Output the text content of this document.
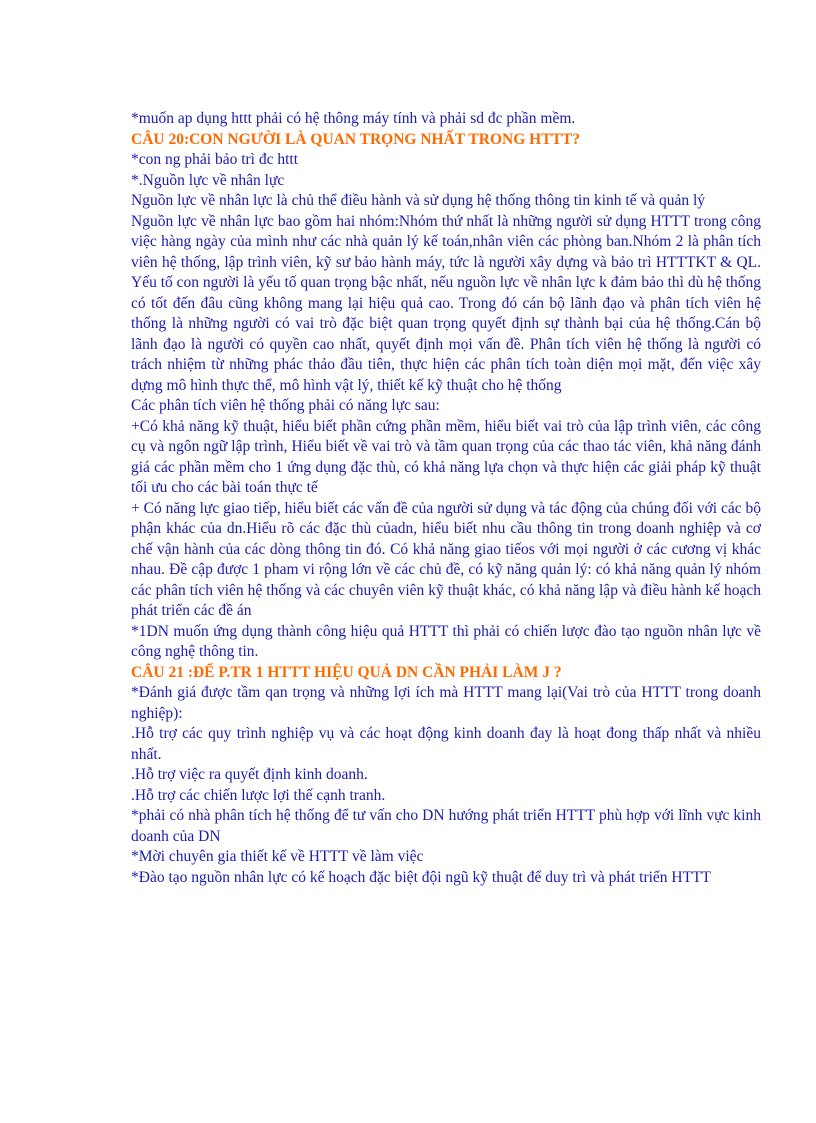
*muốn ap dụng httt phải có hệ thông máy tính và phải sd đc phần mềm.

CÂU 20:CON NGƯỜI LÀ QUAN TRỌNG NHẤT TRONG HTTT?

*con ng phải bảo trì đc httt

*.Nguồn lực về nhân lực

Nguồn lực về nhân lực là chủ thể điều hành và sử dụng hệ thống thông tin kinh tế và quản lý

Nguồn lực về nhân lực bao gồm hai nhóm:Nhóm thứ nhất là những người sử dụng HTTT trong công việc hàng ngày của mình như các nhà quản lý kế toán,nhân viên các phòng ban.Nhóm 2 là phân tích viên hệ thống, lập trình viên, kỹ sư bảo hành máy, tức là người xây dựng và bảo trì HTTTKT & QL. Yếu tố con người là yếu tố quan trọng bậc nhất, nếu nguồn lực về nhân lực k đảm bảo thì dù hệ thống có tốt đến đâu cũng không mang lại hiệu quả cao. Trong đó cán bộ lãnh đạo và phân tích viên hệ thống là những người có vai trò đặc biệt quan trọng quyết định sự thành bại của hệ thống.Cán bộ lãnh đạo là người có quyền cao nhất, quyết định mọi vấn đề. Phân tích viên hệ thống là người có trách nhiệm từ những phác thảo đầu tiên, thực hiện các phân tích toàn diện mọi mặt, đến việc xây dựng mô hình thực thể, mô hình vật lý, thiết kế kỹ thuật cho hệ thống

Các phân tích viên hệ thống phải có năng lực sau:

+Có khả năng kỹ thuật, hiểu biết phần cứng phần mềm, hiểu biết vai trò của lập trình viên, các công cụ và ngôn ngữ lập trình, Hiểu biết về vai trò và tầm quan trọng của các thao tác viên, khả năng đánh giá các phần mềm cho 1 ứng dụng đặc thù, có khả năng lựa chọn và thực hiện các giải pháp kỹ thuật tối ưu cho các bài toán thực tế

+ Có năng lực giao tiếp, hiểu biết các vấn đề của người sử dụng và tác động của chúng đối với các bộ phận khác của dn.Hiểu rõ các đặc thù củadn, hiểu biết nhu cầu thông tin trong doanh nghiệp và cơ chế vận hành của các dòng thông tin đó. Có khả năng giao tiếos với mọi người ở các cương vị khác nhau. Đề cập được 1 pham vi rộng lớn về các chủ đề, có kỹ năng quản lý: có khả năng quản lý nhóm các phân tích viên hệ thống và các chuyên viên kỹ thuật khác, có khả năng lập và điều hành kế hoạch phát triển các đề án

*1DN muốn ứng dụng thành công hiệu quả HTTT thì phải có chiến lược đào tạo nguồn nhân lực về công nghệ thông tin.

CÂU 21 :ĐỂ P.TR 1 HTTT HIỆU QUẢ DN CẦN PHẢI LÀM J ?

*Đánh giá được tầm qan trọng và những lợi ích mà HTTT mang lại(Vai trò của HTTT trong doanh nghiệp):

.Hỗ trợ các quy trình nghiệp vụ và các hoạt động kinh doanh đay là hoạt đong thấp nhất và nhiều nhất.

.Hỗ trợ việc ra quyết định kinh doanh.

.Hỗ trợ các chiến lược lợi thế cạnh tranh.

*phải có nhà phân tích hệ thống để tư vấn cho DN hướng phát triển HTTT phù hợp với lĩnh vực kinh doanh của DN

*Mời chuyên gia thiết kế về HTTT về làm việc

*Đào tạo nguồn nhân lực có kế hoạch đặc biệt đội ngũ kỹ thuật để duy trì và phát triển HTTT
